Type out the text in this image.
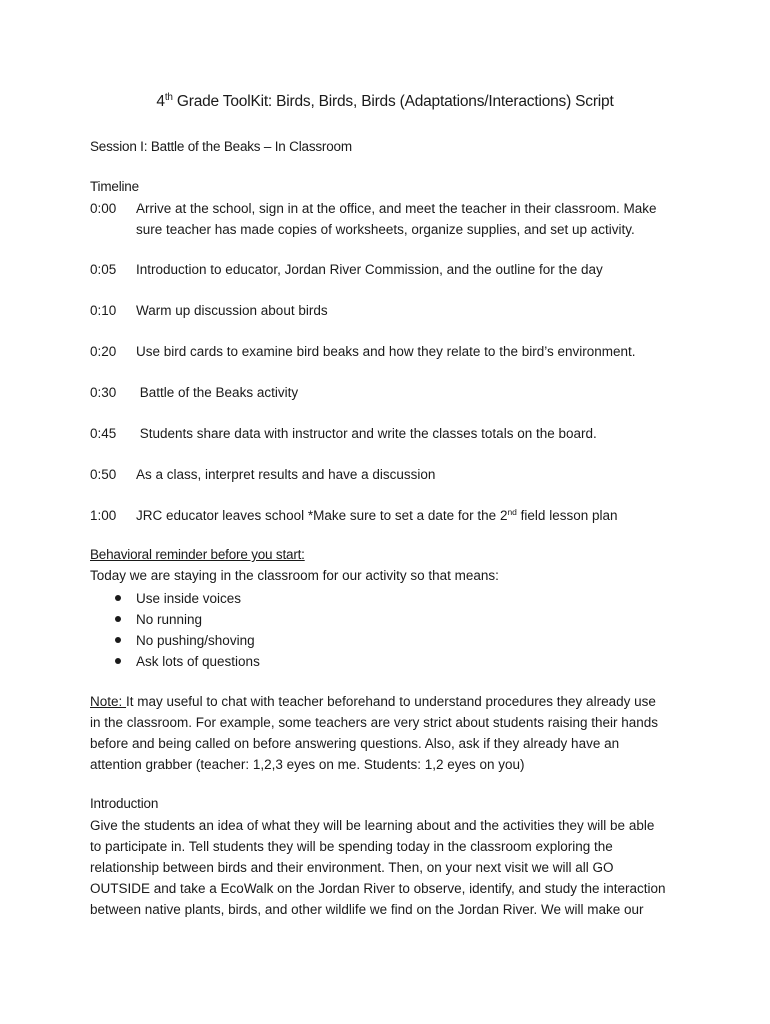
4th Grade ToolKit: Birds, Birds, Birds (Adaptations/Interactions) Script
Session I: Battle of the Beaks – In Classroom
Timeline
0:00	Arrive at the school, sign in at the office, and meet the teacher in their classroom. Make
sure teacher has made copies of worksheets, organize supplies, and set up activity.
0:05	Introduction to educator, Jordan River Commission, and the outline for the day
0:10	Warm up discussion about birds
0:20	Use bird cards to examine bird beaks and how they relate to the bird’s environment.
0:30	Battle of the Beaks activity
0:45	Students share data with instructor and write the classes totals on the board.
0:50	As a class, interpret results and have a discussion
1:00	JRC educator leaves school *Make sure to set a date for the 2nd field lesson plan
Behavioral reminder before you start:
Today we are staying in the classroom for our activity so that means:
Use inside voices
No running
No pushing/shoving
Ask lots of questions
Note: It may useful to chat with teacher beforehand to understand procedures they already use
in the classroom. For example, some teachers are very strict about students raising their hands
before and being called on before answering questions. Also, ask if they already have an
attention grabber (teacher: 1,2,3 eyes on me. Students: 1,2 eyes on you)
Introduction
Give the students an idea of what they will be learning about and the activities they will be able
to participate in. Tell students they will be spending today in the classroom exploring the
relationship between birds and their environment. Then, on your next visit we will all GO
OUTSIDE and take a EcoWalk on the Jordan River to observe, identify, and study the interaction
between native plants, birds, and other wildlife we find on the Jordan River. We will make our
